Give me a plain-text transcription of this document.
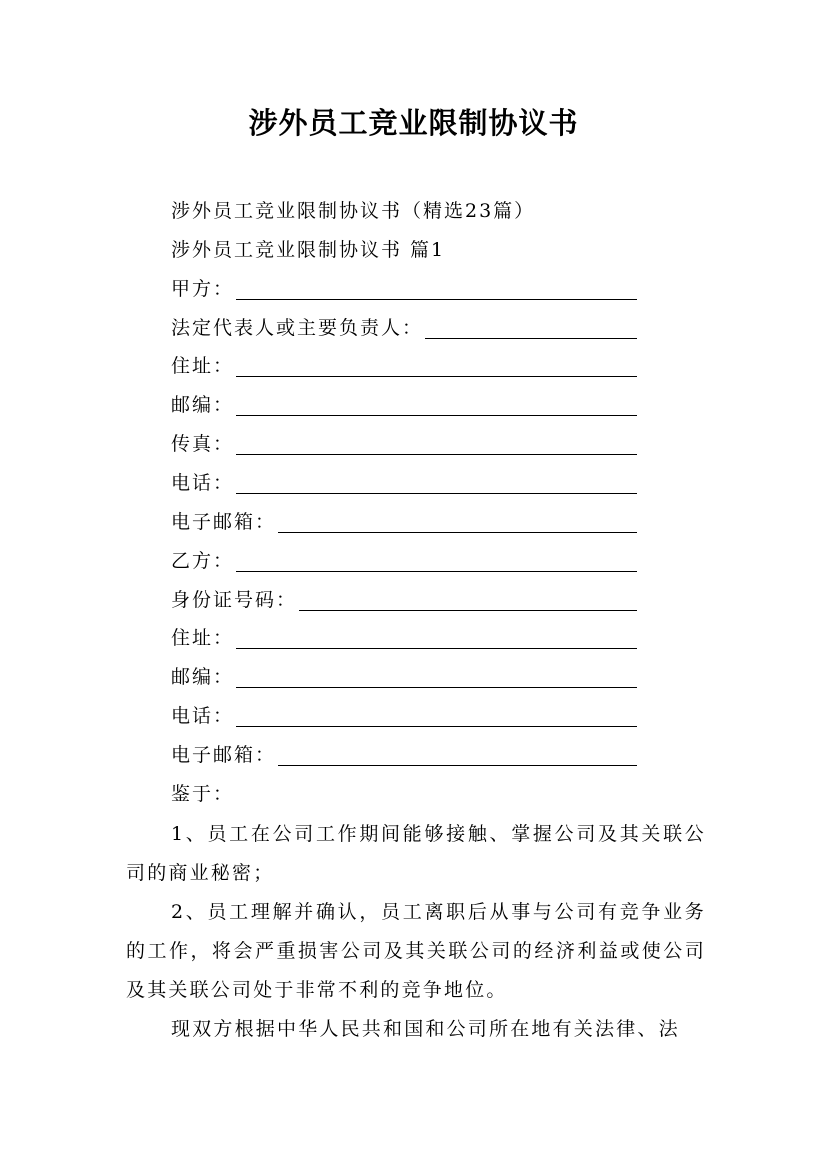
涉外员工竞业限制协议书
涉外员工竞业限制协议书（精选23篇）
涉外员工竞业限制协议书 篇1
甲方：
法定代表人或主要负责人：
住址：
邮编：
传真：
电话：
电子邮箱：
乙方：
身份证号码：
住址：
邮编：
电话：
电子邮箱：
鉴于：
1、员工在公司工作期间能够接触、掌握公司及其关联公司的商业秘密；
2、员工理解并确认，员工离职后从事与公司有竞争业务的工作，将会严重损害公司及其关联公司的经济利益或使公司及其关联公司处于非常不利的竞争地位。
现双方根据中华人民共和国和公司所在地有关法律、法
